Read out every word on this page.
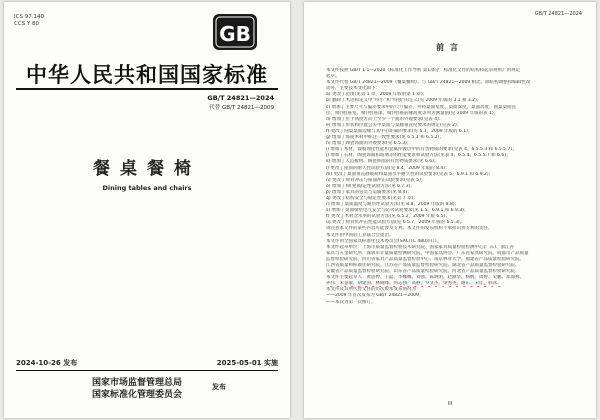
ICS 97.140
CCS Y 80	GB
中华人民共和国国家标准
GB/T 24821—2024
代替 GB/T 24821—2009
餐桌餐椅
Dining tables and chairs
2024-10-26 发布	2025-05-01 实施
国家市场监督管理总局
国家标准化管理委员会
发布
GB/T 24821—2024
前言

本文件按照 GB/T 1.1—2020《标准化工作导则 第1部分：标准化文件的结构和起草规则》的规定

起草。

本文件代替 GB/T 24821—2009《餐桌餐椅》。与 GB/T 24821—2009 相比，除结构调整和编辑性改

动外，主要技术变化如下：

a) 更改了范围(见第 1 章，2009 年版的第 1 章)；

b) 删除了术语和定义中“特小”和“特强”的定义(见 2009 年版的 3.1 和 3.2)；

c) 增加了主要尺寸与偏差要求中的尺寸偏差，并将桌面宽度、桌面深度、桌面高度、圆桌桌面直

径、椅(凳)座宽、椅(凳)座深、椅(凳)座前缘高度等列为测量值(见 2009 年版的表 1)；

d) 增加了位于高度方向上至少一个面的外观要求(见表 4)；

e) 增加了形状和位置公差中桌面与桌腿垂直度要求的规定(见表 2)；

f) 更改了圆桌桌面边缘与其中心距离的要求(见 6.1，2009 年版的 6.1)；

g) 增加了饰面木材中标注一致性要求(见 6.5.1 和 6.5.2)；

h) 增加了陶瓷饰面的外观要求(见 6.5.3)；

i) 增加了木材、漆膜理化性能和金属件镀层中的有害物质的要求(见表 4、6.5.5.3 和 6.5.5.7)；

j) 增加了石材、陶瓷饰面和玻璃等的性能要求和试验方法(见表 4、6.5.4、6.5.5.7 和 6.6)；

k) 增加了人造板材、陶瓷饰面的有害物质要求(见 6.6)；

l) 更改了座面的耐久性试验方法(见 8.4，2009 年版的 8.4)；

m) 更改了桌面垂直静载荷和桌面水平耐久性的试验要求(见表 5、6.9.1 和 6.9.2)；

n) 更改了椅背冲击与座面冲击试验要求(见表 5)；

o) 增加了椅(凳)稳定性试验方法(见 6.7.3)；

p) 增加了家具的包装与运输要求(见 8.4)；

q) 更改了结构安全与稳定性要求(见第 7 章)；

r) 增加了桌面温度与耐热性试验方法(见 8.8、2009 年版的 8.8)；

s) 增加了桌面椅垫电气安全与防火试验要求(见 1.5、6.9.1 和 6.9.3)；

t) 更改了木材含水率的试验方法(见 6.5.2，2009 年版 6.5)；

u) 更改了椅背抗冲击性能试验方法(见 6.5.7，2009 年版的 6.5.3)。

请注意本文件的某些内容可能涉及专利。本文件的发布机构不承担识别专利的责任。

本文件由中国轻工业联合会提出。

本文件由全国家具标准化技术委员会(SAC/TC 480)归口。

本文件起草单位：上海市质量监督检验技术研究院、国家家具质量检验检测中心(广东)、浙江省

家具与五金研究所、深圳市计量质量检测研究院、中国家具协会、广东省家具研究院、成都市产品质量

监督检验研究院、四川省家具产品质量监督检验中心、南京林业大学、福建省产品质量检验研究院、

江西省质量和标准化研究院、江苏省产品质量监督检验研究院、湖北省产品质量监督检验研究院、

安徽省产品质量监督检验研究院、山东省产品质量检验研究院、河北省产品质量监督检验研究院。

本文件主要起草人：黄思婷、王磊、李娜娜、刘强、陈晓明、赵丽华、杨帆、周婷、吴鹏、郑海燕、

孙伟、朱慧敏、胡建国、林晓峰、何志强、高静、罗文杰、梁秀英、谢东、宋佳、韩冰。

本文件及其所代替文件的历次版本发布情况为：

——2009 年首次发布为 GB/T 24821—2009；

——本次为第一次修订。

III
